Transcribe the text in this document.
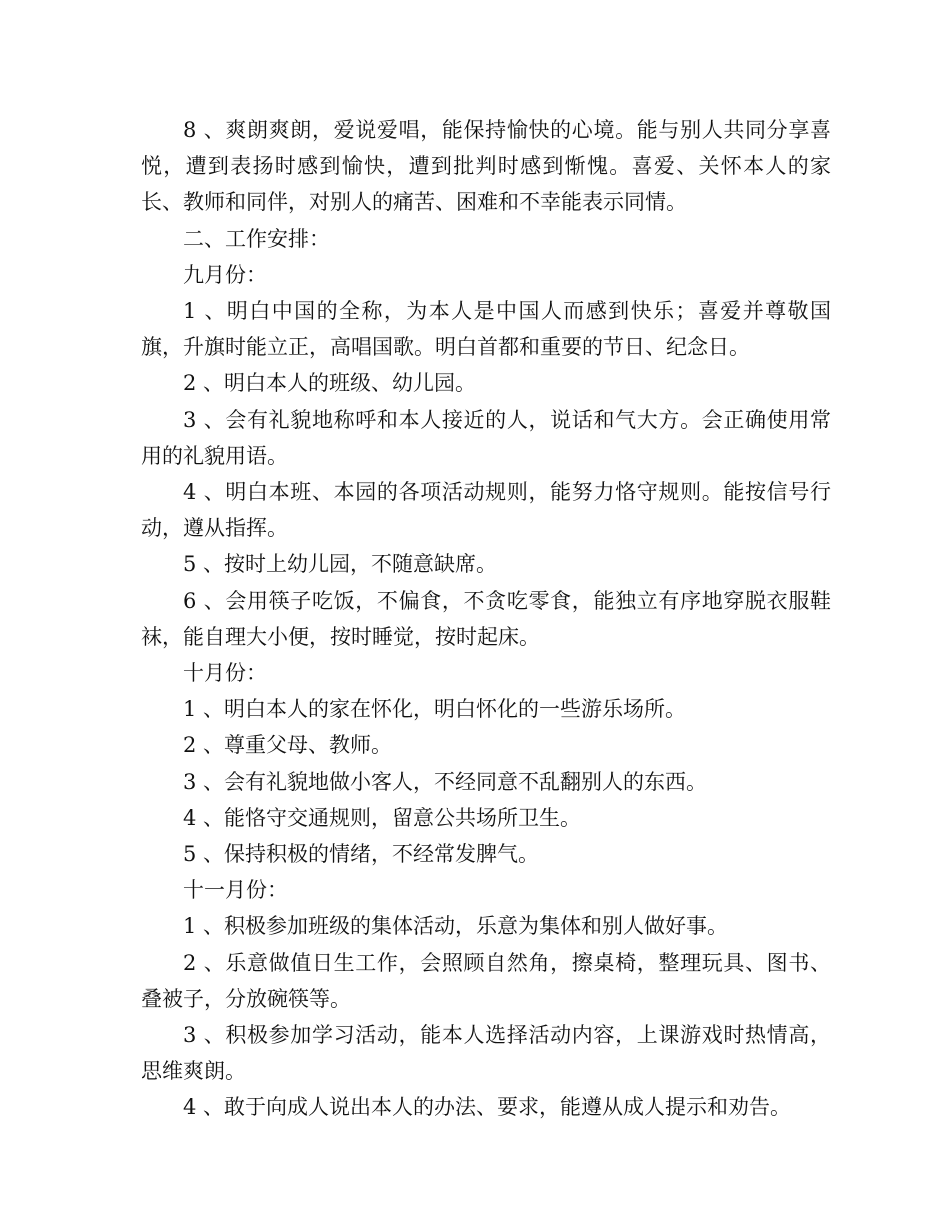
8 、爽朗爽朗，爱说爱唱，能保持愉快的心境。能与别人共同分享喜悦，遭到表扬时感到愉快，遭到批判时感到惭愧。喜爱、关怀本人的家长、教师和同伴，对别人的痛苦、困难和不幸能表示同情。

二、工作安排：

九月份：

1 、明白中国的全称，为本人是中国人而感到快乐；喜爱并尊敬国旗，升旗时能立正，高唱国歌。明白首都和重要的节日、纪念日。

2 、明白本人的班级、幼儿园。

3 、会有礼貌地称呼和本人接近的人，说话和气大方。会正确使用常用的礼貌用语。

4 、明白本班、本园的各项活动规则，能努力恪守规则。能按信号行动，遵从指挥。

5 、按时上幼儿园，不随意缺席。

6 、会用筷子吃饭，不偏食，不贪吃零食，能独立有序地穿脱衣服鞋袜，能自理大小便，按时睡觉，按时起床。

十月份：

1 、明白本人的家在怀化，明白怀化的一些游乐场所。

2 、尊重父母、教师。

3 、会有礼貌地做小客人，不经同意不乱翻别人的东西。

4 、能恪守交通规则，留意公共场所卫生。

5 、保持积极的情绪，不经常发脾气。

十一月份：

1 、积极参加班级的集体活动，乐意为集体和别人做好事。

2 、乐意做值日生工作，会照顾自然角，擦桌椅，整理玩具、图书、叠被子，分放碗筷等。

3 、积极参加学习活动，能本人选择活动内容，上课游戏时热情高，思维爽朗。

4 、敢于向成人说出本人的办法、要求，能遵从成人提示和劝告。
